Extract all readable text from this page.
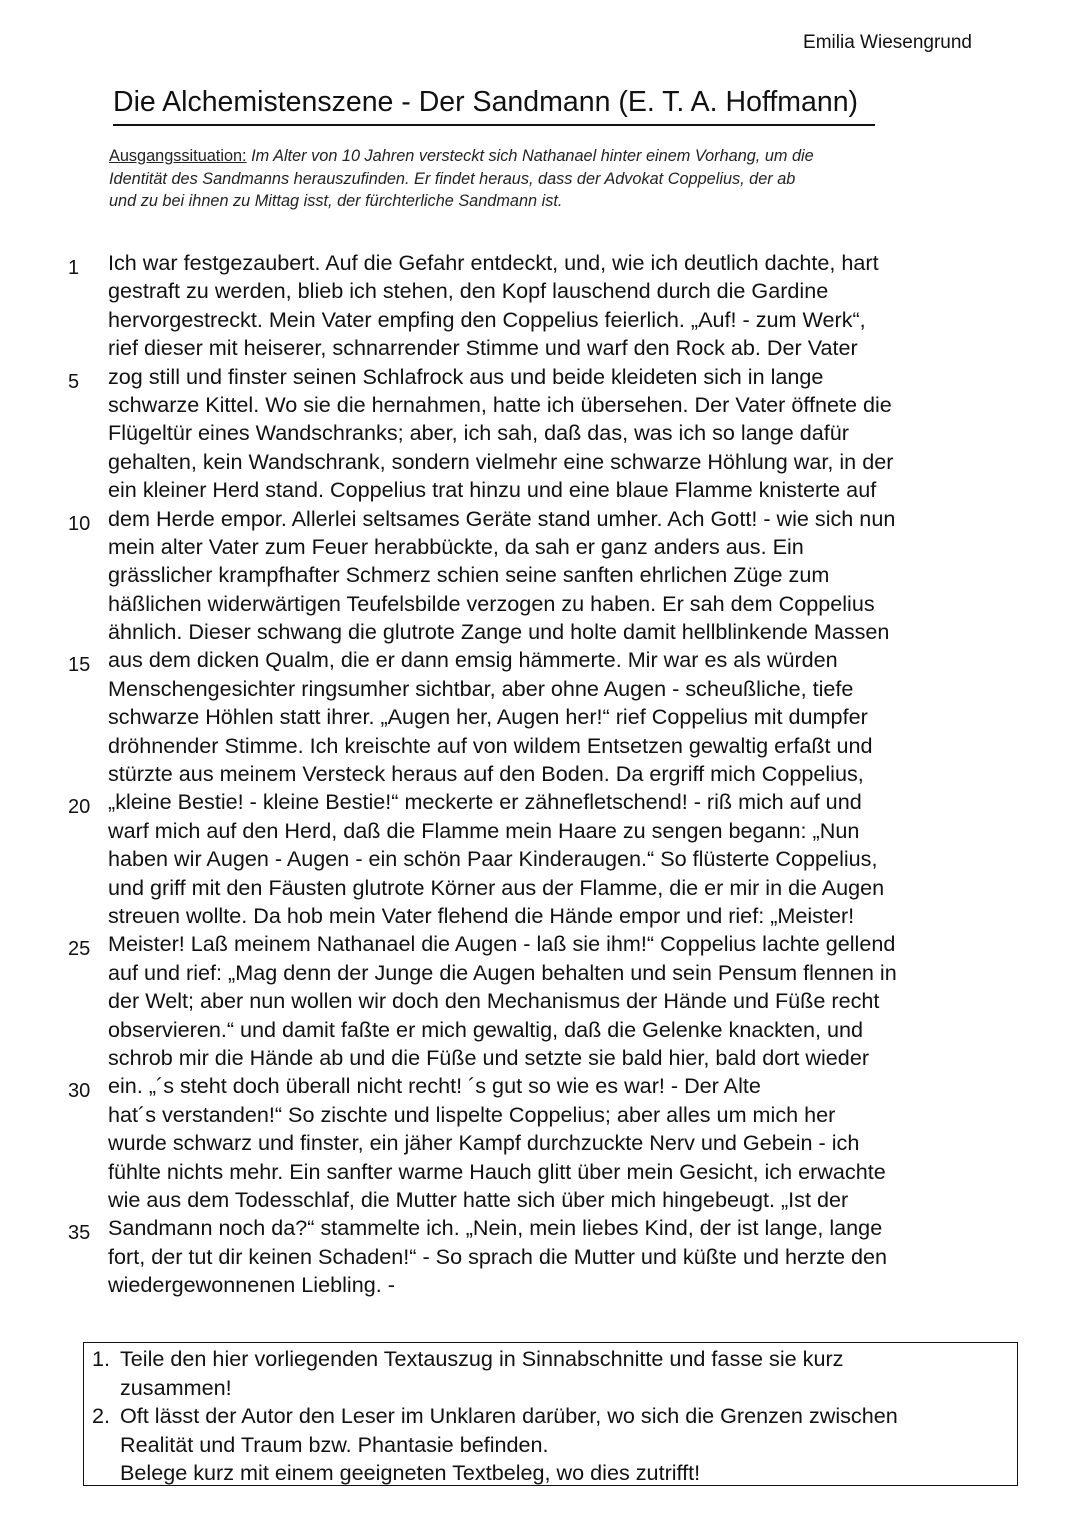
Emilia Wiesengrund
Die Alchemistenszene - Der Sandmann (E. T. A. Hoffmann)
Ausgangssituation: Im Alter von 10 Jahren versteckt sich Nathanael hinter einem Vorhang, um die
Identität des Sandmanns herauszufinden. Er findet heraus, dass der Advokat Coppelius, der ab
und zu bei ihnen zu Mittag isst, der fürchterliche Sandmann ist.
1	Ich war festgezaubert. Auf die Gefahr entdeckt, und, wie ich deutlich dachte, hart
gestraft zu werden, blieb ich stehen, den Kopf lauschend durch die Gardine
hervorgestreckt. Mein Vater empfing den Coppelius feierlich. „Auf! - zum Werk“,
rief dieser mit heiserer, schnarrender Stimme und warf den Rock ab. Der Vater
5	zog still und finster seinen Schlafrock aus und beide kleideten sich in lange
schwarze Kittel. Wo sie die hernahmen, hatte ich übersehen. Der Vater öffnete die
Flügeltür eines Wandschranks; aber, ich sah, daß das, was ich so lange dafür
gehalten, kein Wandschrank, sondern vielmehr eine schwarze Höhlung war, in der
ein kleiner Herd stand. Coppelius trat hinzu und eine blaue Flamme knisterte auf
10 dem Herde empor. Allerlei seltsames Geräte stand umher. Ach Gott! - wie sich nun
mein alter Vater zum Feuer herabbückte, da sah er ganz anders aus. Ein
grässlicher krampfhafter Schmerz schien seine sanften ehrlichen Züge zum
häßlichen widerwärtigen Teufelsbilde verzogen zu haben. Er sah dem Coppelius
ähnlich. Dieser schwang die glutrote Zange und holte damit hellblinkende Massen
15 aus dem dicken Qualm, die er dann emsig hämmerte. Mir war es als würden
Menschengesichter ringsumher sichtbar, aber ohne Augen - scheußliche, tiefe
schwarze Höhlen statt ihrer. „Augen her, Augen her!“ rief Coppelius mit dumpfer
dröhnender Stimme. Ich kreischte auf von wildem Entsetzen gewaltig erfaßt und
stürzte aus meinem Versteck heraus auf den Boden. Da ergriff mich Coppelius,
20 „kleine Bestie! - kleine Bestie!“ meckerte er zähnefletschend! - riß mich auf und
warf mich auf den Herd, daß die Flamme mein Haare zu sengen begann: „Nun
haben wir Augen - Augen - ein schön Paar Kinderaugen.“ So flüsterte Coppelius,
und griff mit den Fäusten glutrote Körner aus der Flamme, die er mir in die Augen
streuen wollte. Da hob mein Vater flehend die Hände empor und rief: „Meister!
25 Meister! Laß meinem Nathanael die Augen - laß sie ihm!“ Coppelius lachte gellend
auf und rief: „Mag denn der Junge die Augen behalten und sein Pensum flennen in
der Welt; aber nun wollen wir doch den Mechanismus der Hände und Füße recht
observieren.“ und damit faßte er mich gewaltig, daß die Gelenke knackten, und
schrob mir die Hände ab und die Füße und setzte sie bald hier, bald dort wieder
30 ein. „´s steht doch überall nicht recht! ´s gut so wie es war! - Der Alte
hat´s verstanden!“ So zischte und lispelte Coppelius; aber alles um mich her
wurde schwarz und finster, ein jäher Kampf durchzuckte Nerv und Gebein - ich
fühlte nichts mehr. Ein sanfter warme Hauch glitt über mein Gesicht, ich erwachte
wie aus dem Todesschlaf, die Mutter hatte sich über mich hingebeugt. „Ist der
35 Sandmann noch da?“ stammelte ich. „Nein, mein liebes Kind, der ist lange, lange
fort, der tut dir keinen Schaden!“ - So sprach die Mutter und küßte und herzte den
wiedergewonnenen Liebling. -
1. Teile den hier vorliegenden Textauszug in Sinnabschnitte und fasse sie kurz
zusammen!
2. Oft lässt der Autor den Leser im Unklaren darüber, wo sich die Grenzen zwischen
Realität und Traum bzw. Phantasie befinden.
Belege kurz mit einem geeigneten Textbeleg, wo dies zutrifft!
